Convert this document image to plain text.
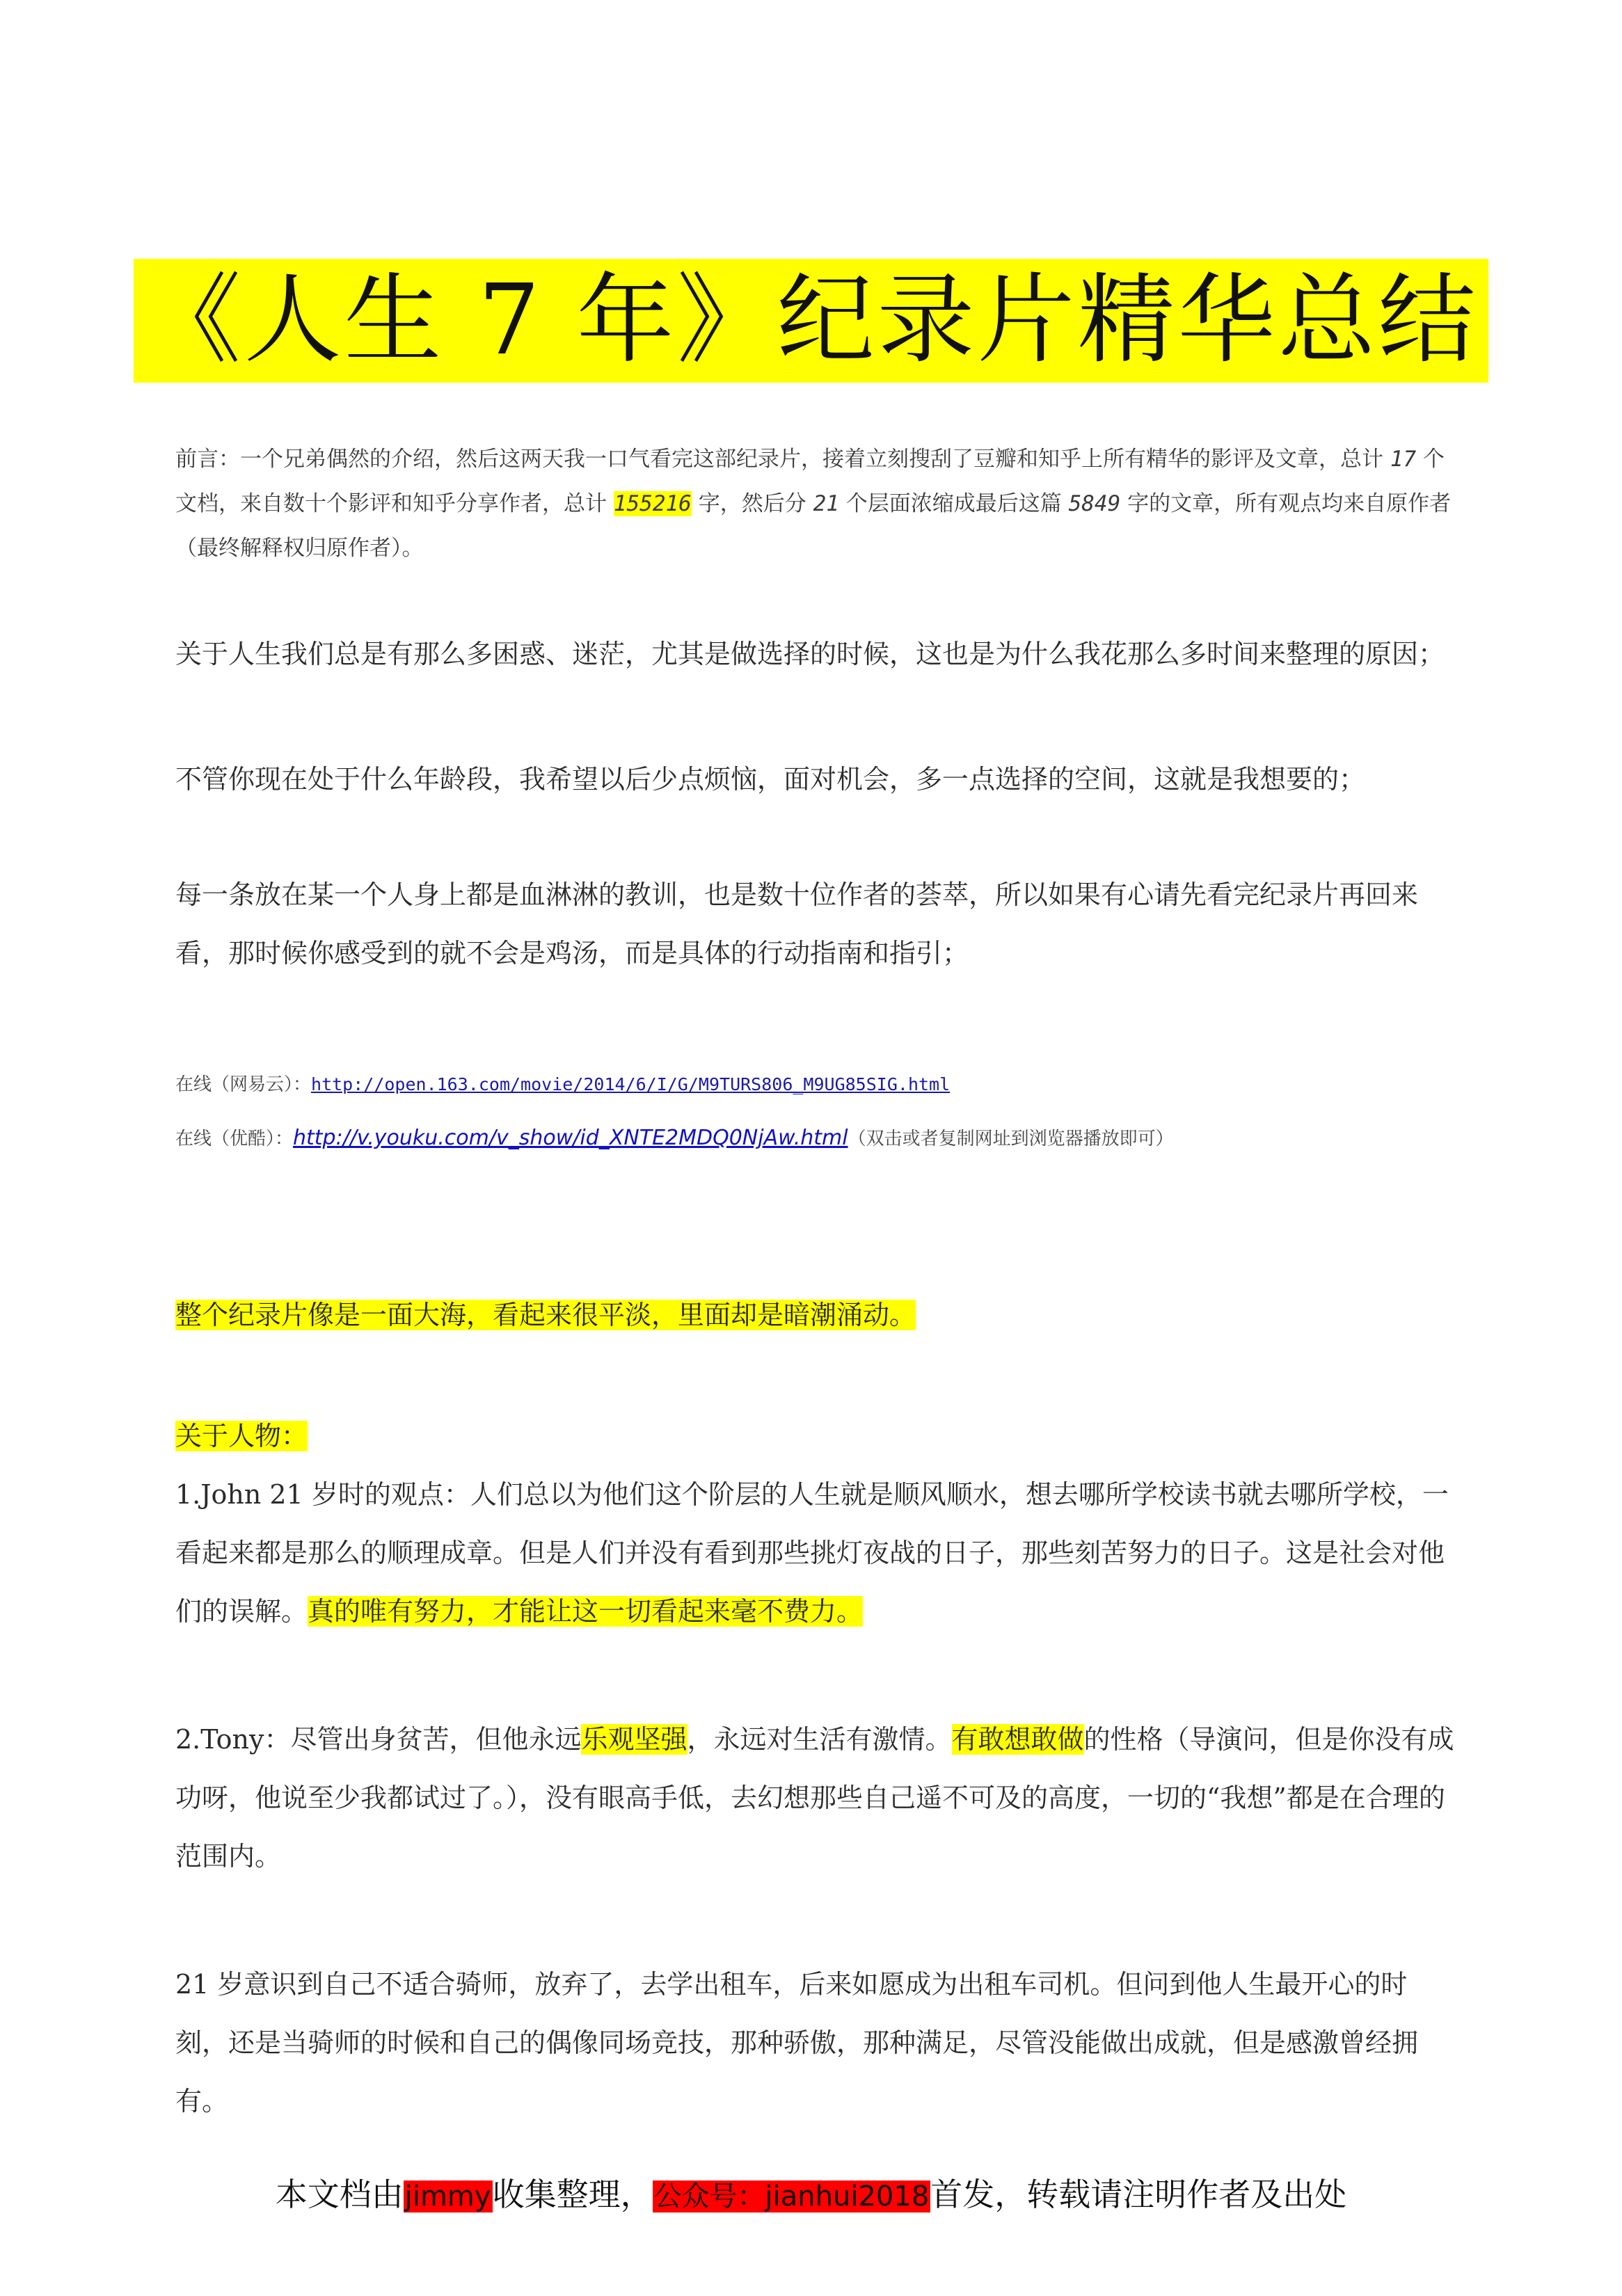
《人生 7 年》纪录片精华总结
前言：一个兄弟偶然的介绍，然后这两天我一口气看完这部纪录片，接着立刻搜刮了豆瓣和知乎上所有精华的影评及文章，总计 17 个文档，来自数十个影评和知乎分享作者，总计 155216 字，然后分 21 个层面浓缩成最后这篇 5849 字的文章，所有观点均来自原作者（最终解释权归原作者）。
关于人生我们总是有那么多困惑、迷茫，尤其是做选择的时候，这也是为什么我花那么多时间来整理的原因；
不管你现在处于什么年龄段，我希望以后少点烦恼，面对机会，多一点选择的空间，这就是我想要的；
每一条放在某一个人身上都是血淋淋的教训，也是数十位作者的荟萃，所以如果有心请先看完纪录片再回来看，那时候你感受到的就不会是鸡汤，而是具体的行动指南和指引；
在线（网易云）：http://open.163.com/movie/2014/6/I/G/M9TURS806_M9UG85SIG.html
在线（优酷）：http://v.youku.com/v_show/id_XNTE2MDQ0NjAw.html（双击或者复制网址到浏览器播放即可）
整个纪录片像是一面大海，看起来很平淡，里面却是暗潮涌动。
关于人物：
1.John 21 岁时的观点：人们总以为他们这个阶层的人生就是顺风顺水，想去哪所学校读书就去哪所学校，一看起来都是那么的顺理成章。但是人们并没有看到那些挑灯夜战的日子，那些刻苦努力的日子。这是社会对他们的误解。真的唯有努力，才能让这一切看起来毫不费力。
2.Tony：尽管出身贫苦，但他永远乐观坚强，永远对生活有激情。有敢想敢做的性格（导演问，但是你没有成功呀，他说至少我都试过了。），没有眼高手低，去幻想那些自己遥不可及的高度，一切的“我想”都是在合理的范围内。
21 岁意识到自己不适合骑师，放弃了，去学出租车，后来如愿成为出租车司机。但问到他人生最开心的时刻，还是当骑师的时候和自己的偶像同场竞技，那种骄傲，那种满足，尽管没能做出成就，但是感激曾经拥有。
本文档由jimmy收集整理，公众号：jianhui2018首发，转载请注明作者及出处
